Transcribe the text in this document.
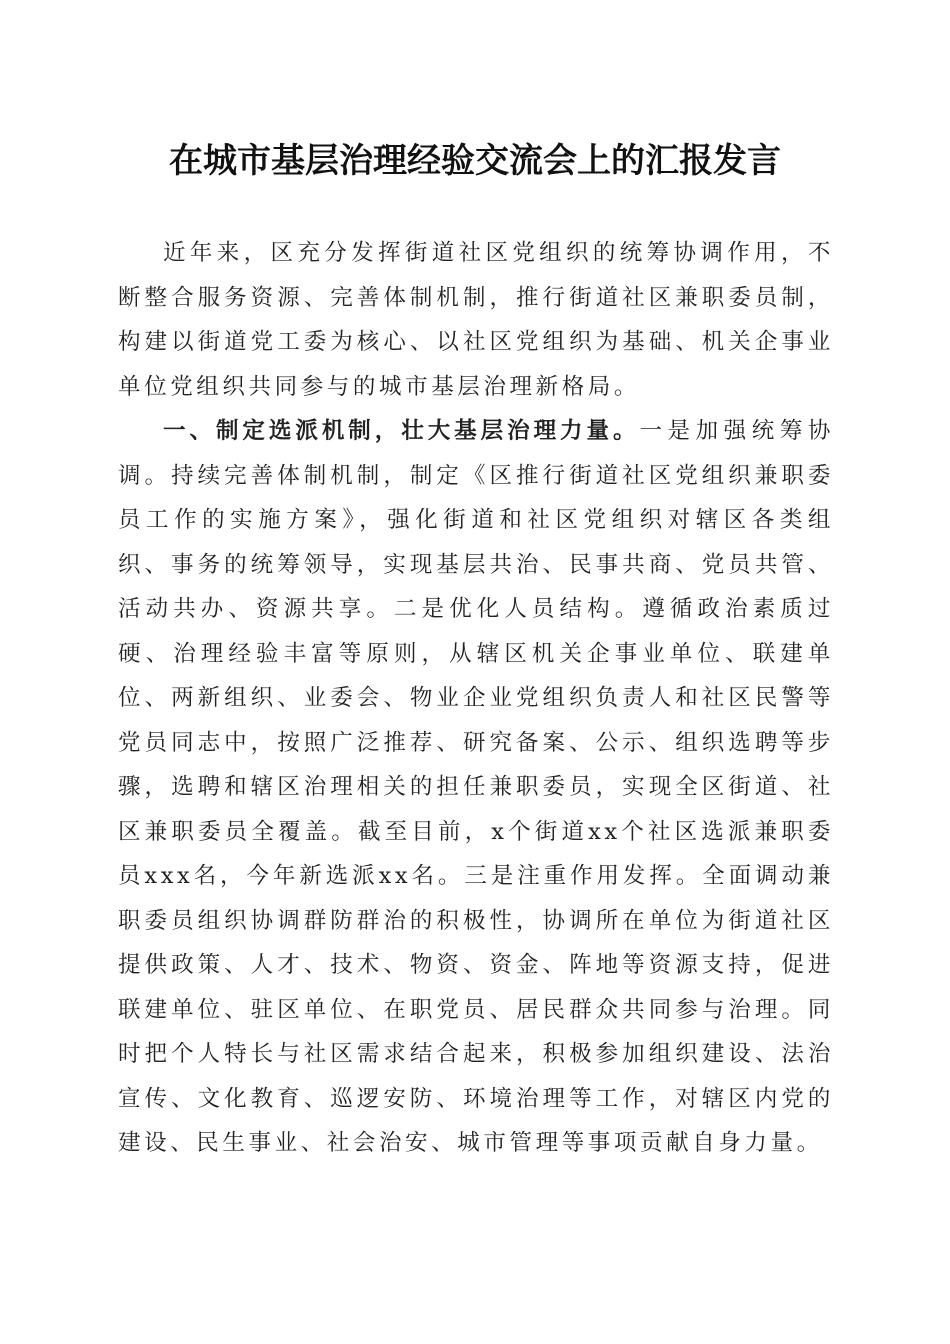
在城市基层治理经验交流会上的汇报发言

近年来，区充分发挥街道社区党组织的统筹协调作用，不断整合服务资源、完善体制机制，推行街道社区兼职委员制，构建以街道党工委为核心、以社区党组织为基础、机关企事业单位党组织共同参与的城市基层治理新格局。

一、制定选派机制，壮大基层治理力量。一是加强统筹协调。持续完善体制机制，制定《区推行街道社区党组织兼职委员工作的实施方案》，强化街道和社区党组织对辖区各类组织、事务的统筹领导，实现基层共治、民事共商、党员共管、活动共办、资源共享。二是优化人员结构。遵循政治素质过硬、治理经验丰富等原则，从辖区机关企事业单位、联建单位、两新组织、业委会、物业企业党组织负责人和社区民警等党员同志中，按照广泛推荐、研究备案、公示、组织选聘等步骤，选聘和辖区治理相关的担任兼职委员，实现全区街道、社区兼职委员全覆盖。截至目前，x个街道xx个社区选派兼职委员xxx名，今年新选派xx名。三是注重作用发挥。全面调动兼职委员组织协调群防群治的积极性，协调所在单位为街道社区提供政策、人才、技术、物资、资金、阵地等资源支持，促进联建单位、驻区单位、在职党员、居民群众共同参与治理。同时把个人特长与社区需求结合起来，积极参加组织建设、法治宣传、文化教育、巡逻安防、环境治理等工作，对辖区内党的建设、民生事业、社会治安、城市管理等事项贡献自身力量。
